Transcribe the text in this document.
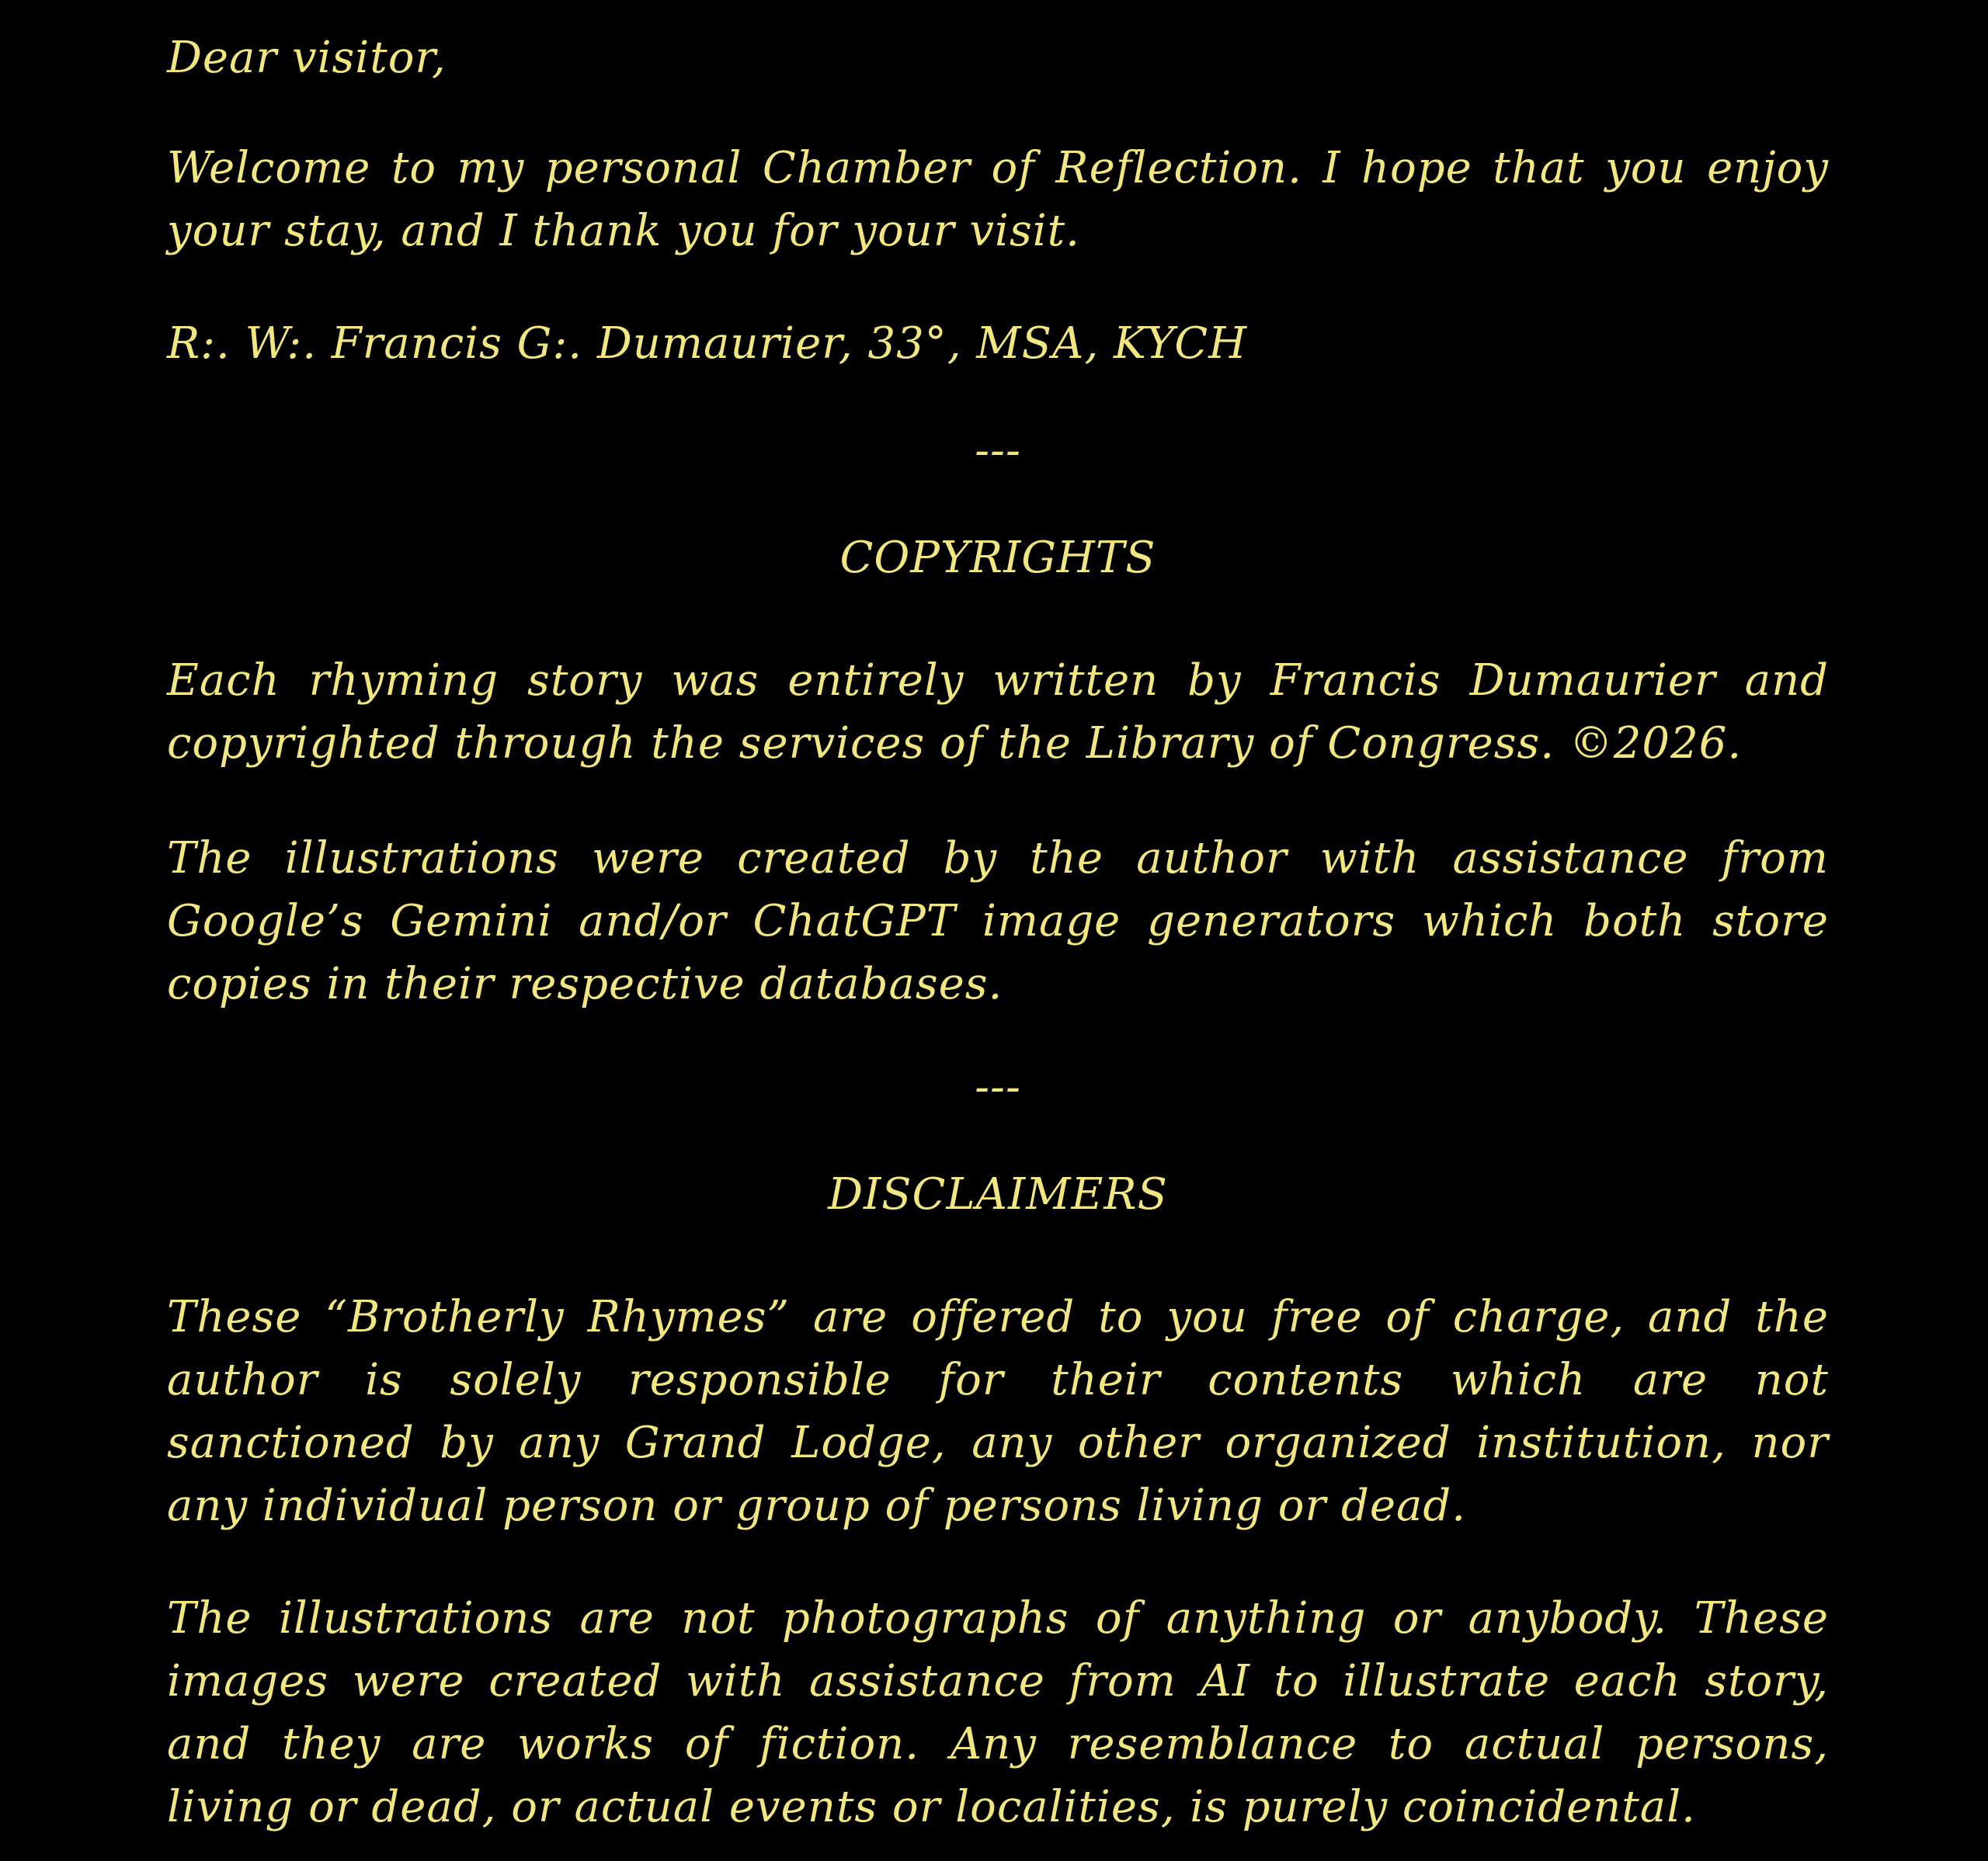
Dear visitor,

Welcome to my personal Chamber of Reflection. I hope that you enjoy
your stay, and I thank you for your visit.

R:. W:. Francis G:. Dumaurier, 33°, MSA, KYCH

---

COPYRIGHTS

Each rhyming story was entirely written by Francis Dumaurier and
copyrighted through the services of the Library of Congress. ©2026.

The illustrations were created by the author with assistance from
Google’s Gemini and/or ChatGPT image generators which both store
copies in their respective databases.

---

DISCLAIMERS

These “Brotherly Rhymes” are offered to you free of charge, and the
author is solely responsible for their contents which are not
sanctioned by any Grand Lodge, any other organized institution, nor
any individual person or group of persons living or dead.

The illustrations are not photographs of anything or anybody. These
images were created with assistance from AI to illustrate each story,
and they are works of fiction. Any resemblance to actual persons,
living or dead, or actual events or localities, is purely coincidental.
